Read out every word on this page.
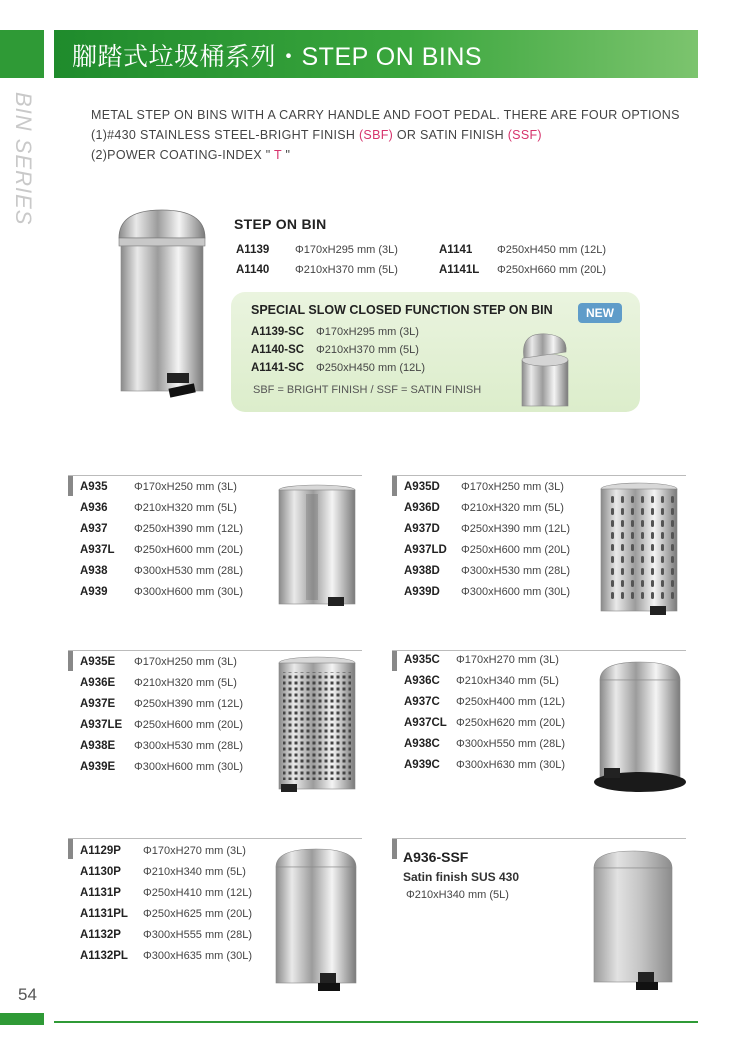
腳踏式垃圾桶系列・STEP ON BINS
BIN SERIES	METAL STEP ON BINS WITH A CARRY HANDLE AND FOOT PEDAL. THERE ARE FOUR OPTIONS
(1)#430 STAINLESS STEEL-BRIGHT FINISH (SBF) OR SATIN FINISH (SSF)
(2)POWER COATING-INDEX " T "
STEP ON BIN
A1139 Φ170xH295 mm (3L)
A1140 Φ210xH370 mm (5L)
A1141 Φ250xH450 mm (12L)
A1141L Φ250xH660 mm (20L)
SPECIAL SLOW CLOSED FUNCTION STEP ON BIN	NEW
A1139-SC Φ170xH295 mm (3L)
A1140-SC Φ210xH370 mm (5L)
A1141-SC Φ250xH450 mm (12L)
SBF = BRIGHT FINISH / SSF = SATIN FINISH
A935 Φ170xH250 mm (3L)
A936 Φ210xH320 mm (5L)
A937 Φ250xH390 mm (12L)
A937L Φ250xH600 mm (20L)
A938 Φ300xH530 mm (28L)
A939 Φ300xH600 mm (30L)
A935D Φ170xH250 mm (3L)
A936D Φ210xH320 mm (5L)
A937D Φ250xH390 mm (12L)
A937LD Φ250xH600 mm (20L)
A938D Φ300xH530 mm (28L)
A939D Φ300xH600 mm (30L)
A935E Φ170xH250 mm (3L)
A936E Φ210xH320 mm (5L)
A937E Φ250xH390 mm (12L)
A937LE Φ250xH600 mm (20L)
A938E Φ300xH530 mm (28L)
A939E Φ300xH600 mm (30L)
A935C Φ170xH270 mm (3L)
A936C Φ210xH340 mm (5L)
A937C Φ250xH400 mm (12L)
A937CL Φ250xH620 mm (20L)
A938C Φ300xH550 mm (28L)
A939C Φ300xH630 mm (30L)
A1129P Φ170xH270 mm (3L)
A1130P Φ210xH340 mm (5L)
A1131P Φ250xH410 mm (12L)
A1131PL Φ250xH625 mm (20L)
A1132P Φ300xH555 mm (28L)
A1132PL Φ300xH635 mm (30L)
A936-SSF
Satin finish SUS 430
Φ210xH340 mm (5L)
54
